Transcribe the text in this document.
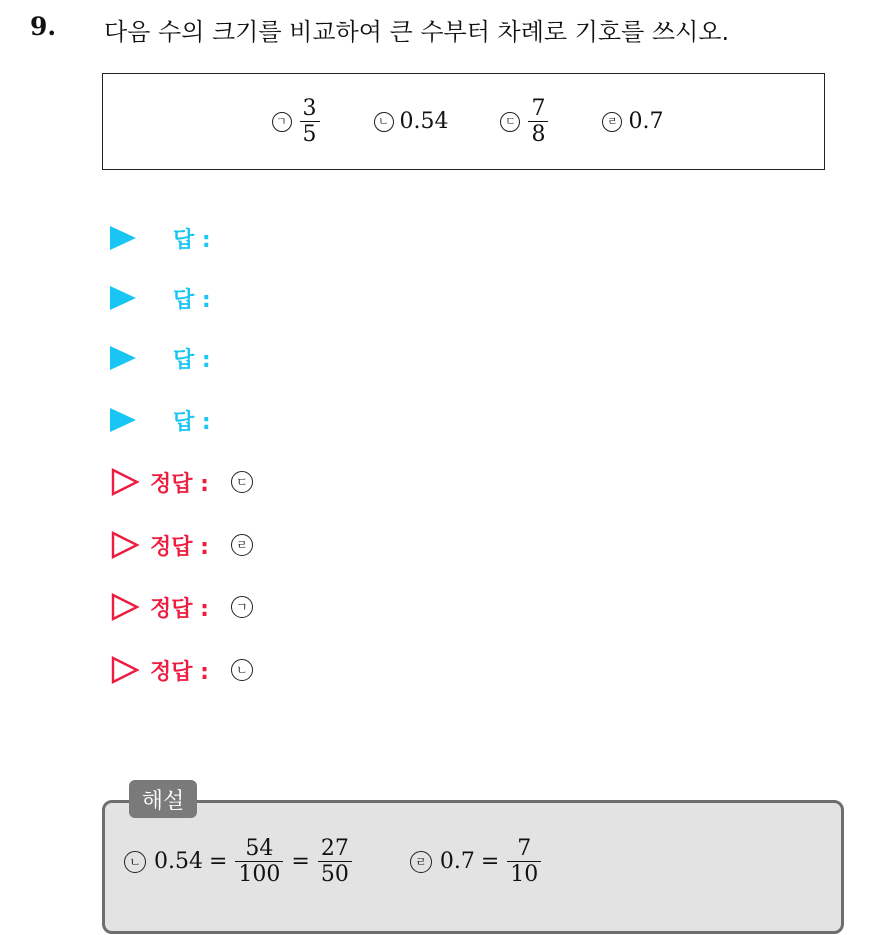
9. 다음 수의 크기를 비교하여 큰 수부터 차례로 기호를 쓰시오.
ㄱ $\frac{3}{5}$	ㄴ 0.54	ㄷ $\frac{7}{8}$	ㄹ 0.7
답 :
답 :
답 :
답 :
정답 :	ㄷ
정답 :	ㄹ
정답 :	ㄱ
정답 :	ㄴ
해설
ㄴ $0.54 = \frac{54}{100} = \frac{27}{50}$	ㄹ $0.7 = \frac{7}{10}$
